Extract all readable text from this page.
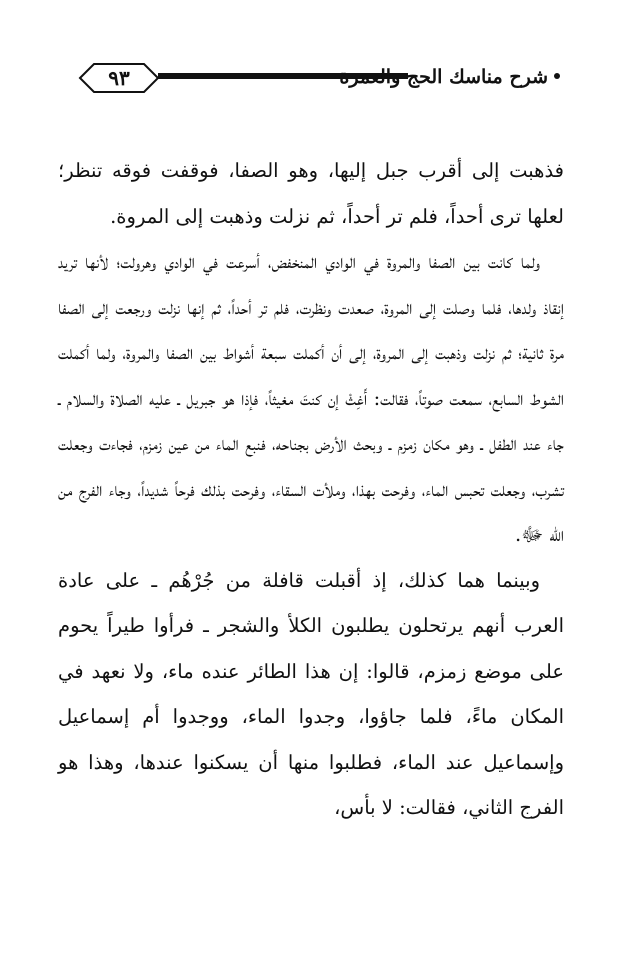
٩٣	شرح مناسك الحج والعمرة

فذهبت إلى أقرب جبل إليها، وهو الصفا، فوقفت فوقه تنظر؛ لعلها ترى أحداً، فلم تر أحداً، ثم نزلت وذهبت إلى المروة.

ولما كانت بين الصفا والمروة في الوادي المنخفض، أسرعت في الوادي وهرولت؛ لأنها تريد إنقاذ ولدها، فلما وصلت إلى المروة، صعدت ونظرت، فلم تر أحداً، ثم إنها نزلت ورجعت إلى الصفا مرة ثانية؛ ثم نزلت وذهبت إلى المروة، إلى أن أكملت سبعة أشواط بين الصفا والمروة، ولما أكملت الشوط السابع، سمعت صوتاً، فقالت: أَغِثْ إن كنتَ مغيثاً، فإذا هو جبريل ـ عليه الصلاة والسلام ـ جاء عند الطفل ـ وهو مكان زمزم ـ وبحث الأرض بجناحه، فنبع الماء من عين زمزم، فجاءت وجعلت تشرب، وجعلت تحبس الماء، وفرحت بهذا، وملأت السقاء، وفرحت بذلك فرحاً شديداً، وجاء الفرج من الله ﷻ.

وبينما هما كذلك، إذ أقبلت قافلة من جُرْهُم ـ على عادة العرب أنهم يرتحلون يطلبون الكلأ والشجر ـ فرأوا طيراً يحوم على موضع زمزم، قالوا: إن هذا الطائر عنده ماء، ولا نعهد في المكان ماءً، فلما جاؤوا، وجدوا الماء، ووجدوا أم إسماعيل وإسماعيل عند الماء، فطلبوا منها أن يسكنوا عندها، وهذا هو الفرج الثاني، فقالت: لا بأس،
